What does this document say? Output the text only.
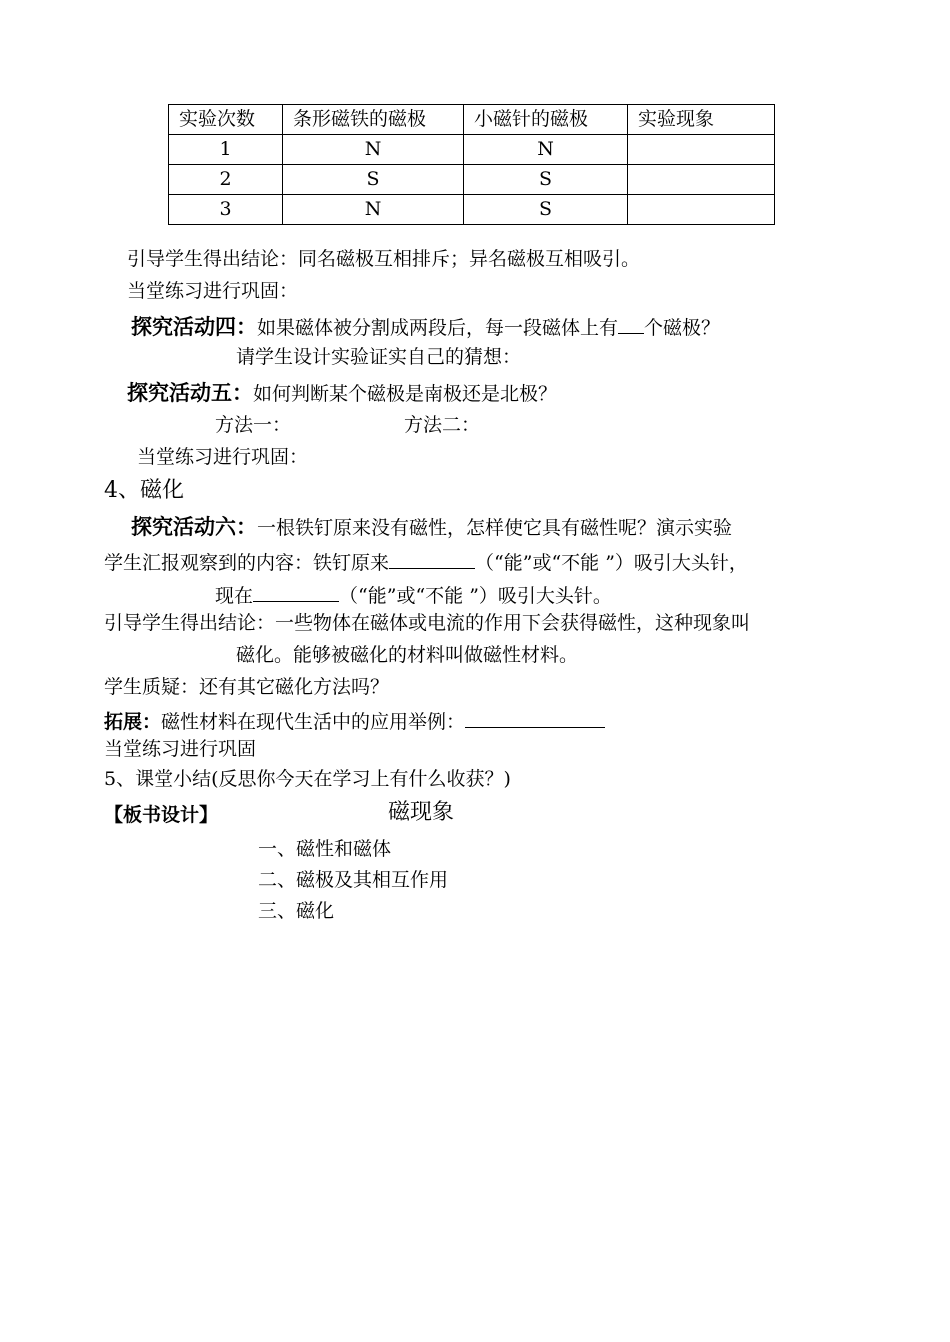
实验次数	条形磁铁的磁极	小磁针的磁极	实验现象
1	N	N	
2	S	S	
3	N	S	
引导学生得出结论：同名磁极互相排斥；异名磁极互相吸引。
当堂练习进行巩固：
探究活动四：如果磁体被分割成两段后，每一段磁体上有 个磁极？
请学生设计实验证实自己的猜想：
探究活动五：如何判断某个磁极是南极还是北极？
方法一：	方法二：
当堂练习进行巩固：
4、磁化
探究活动六：一根铁钉原来没有磁性，怎样使它具有磁性呢？演示实验
学生汇报观察到的内容：铁钉原来	（“能”或“不能 ”）吸引大头针，
现在	（“能”或“不能 ”）吸引大头针。
引导学生得出结论：一些物体在磁体或电流的作用下会获得磁性，这种现象叫
磁化。能够被磁化的材料叫做磁性材料。
学生质疑：还有其它磁化方法吗？
拓展：磁性材料在现代生活中的应用举例：
当堂练习进行巩固
5、课堂小结(反思你今天在学习上有什么收获？)
【板书设计】	磁现象
一、磁性和磁体
二、磁极及其相互作用
三、磁化
